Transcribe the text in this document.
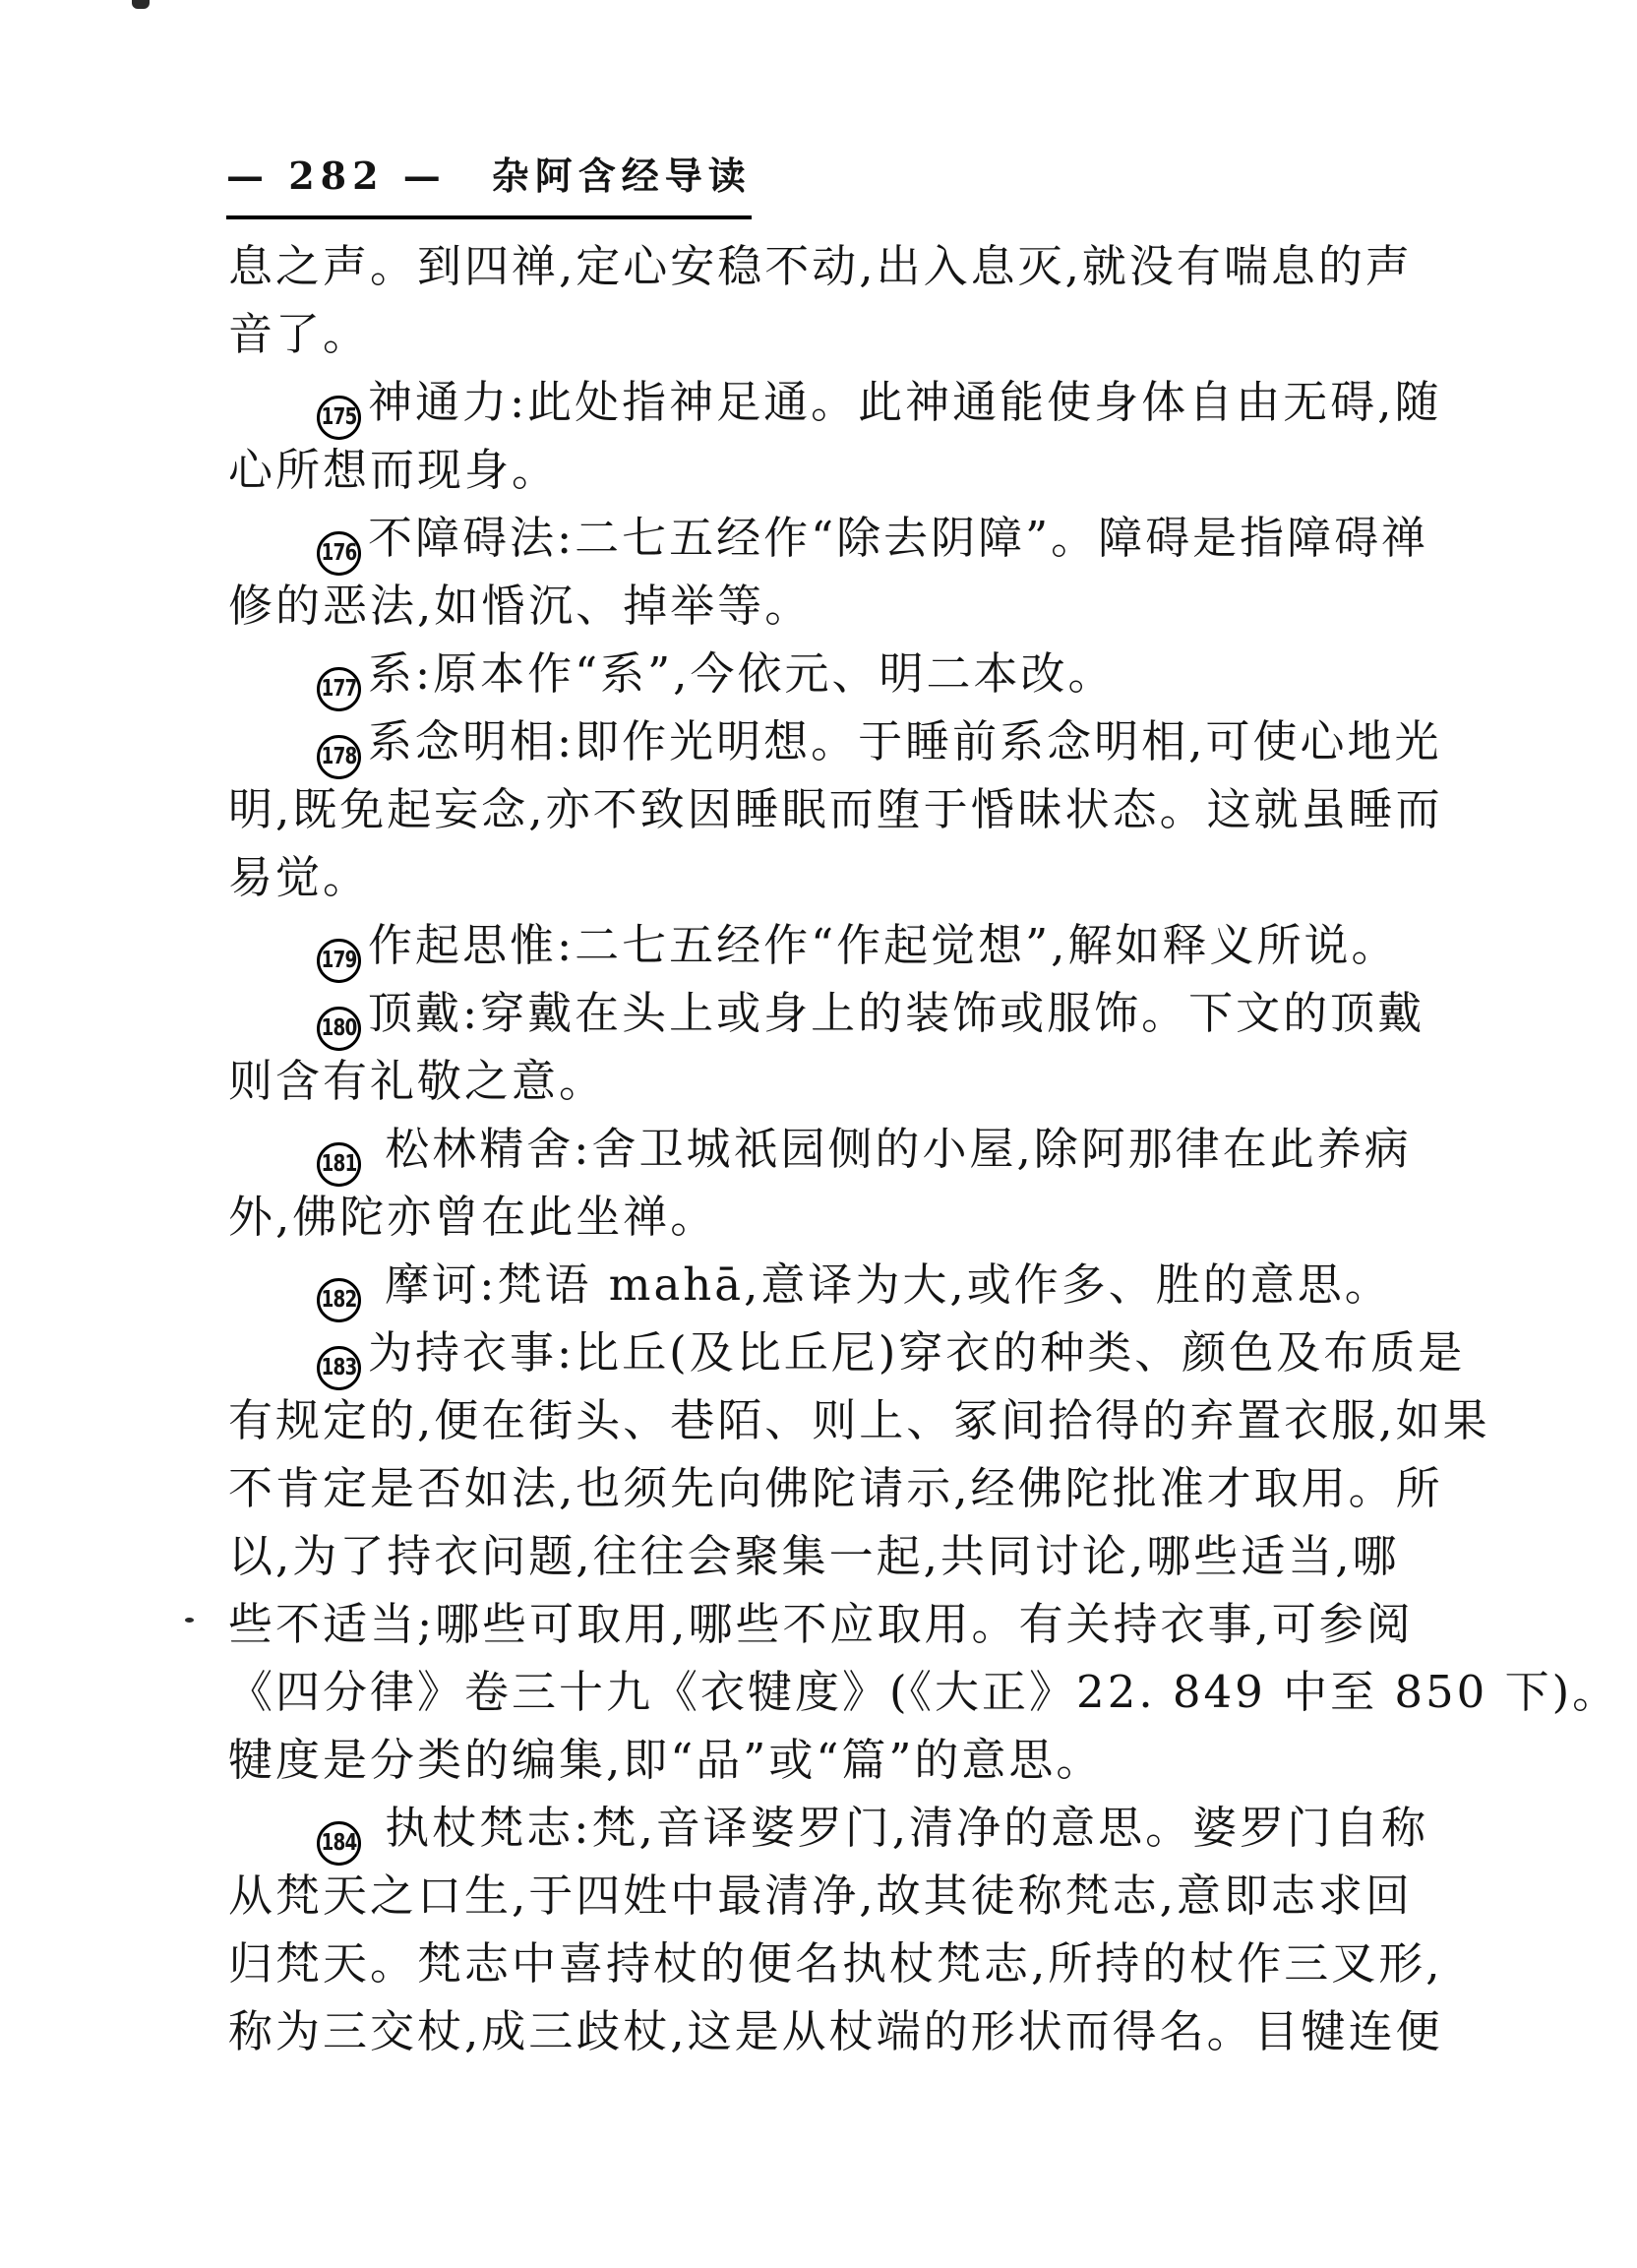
— 282 — 杂阿含经导读
息之声。到四禅,定心安稳不动,出入息灭,就没有喘息的声
音了。
175 神通力:此处指神足通。此神通能使身体自由无碍,随
心所想而现身。
176 不障碍法:二七五经作“除去阴障”。障碍是指障碍禅
修的恶法,如惛沉、掉举等。
177 系:原本作“系”,今依元、明二本改。
178 系念明相:即作光明想。于睡前系念明相,可使心地光
明,既免起妄念,亦不致因睡眠而堕于惛昧状态。这就虽睡而
易觉。
179 作起思惟:二七五经作“作起觉想”,解如释义所说。
180 顶戴:穿戴在头上或身上的装饰或服饰。下文的顶戴
则含有礼敬之意。
181 松林精舍:舍卫城祇园侧的小屋,除阿那律在此养病
外,佛陀亦曾在此坐禅。
182 摩诃:梵语 mahā,意译为大,或作多、胜的意思。
183 为持衣事:比丘(及比丘尼)穿衣的种类、颜色及布质是
有规定的,便在街头、巷陌、则上、冢间拾得的弃置衣服,如果
不肯定是否如法,也须先向佛陀请示,经佛陀批准才取用。所
以,为了持衣问题,往往会聚集一起,共同讨论,哪些适当,哪
些不适当;哪些可取用,哪些不应取用。有关持衣事,可参阅
《四分律》卷三十九《衣犍度》(《大正》22. 849 中至 850 下)。
犍度是分类的编集,即“品”或“篇”的意思。
184 执杖梵志:梵,音译婆罗门,清净的意思。婆罗门自称
从梵天之口生,于四姓中最清净,故其徒称梵志,意即志求回
归梵天。梵志中喜持杖的便名执杖梵志,所持的杖作三叉形,
称为三交杖,成三歧杖,这是从杖端的形状而得名。目犍连便
